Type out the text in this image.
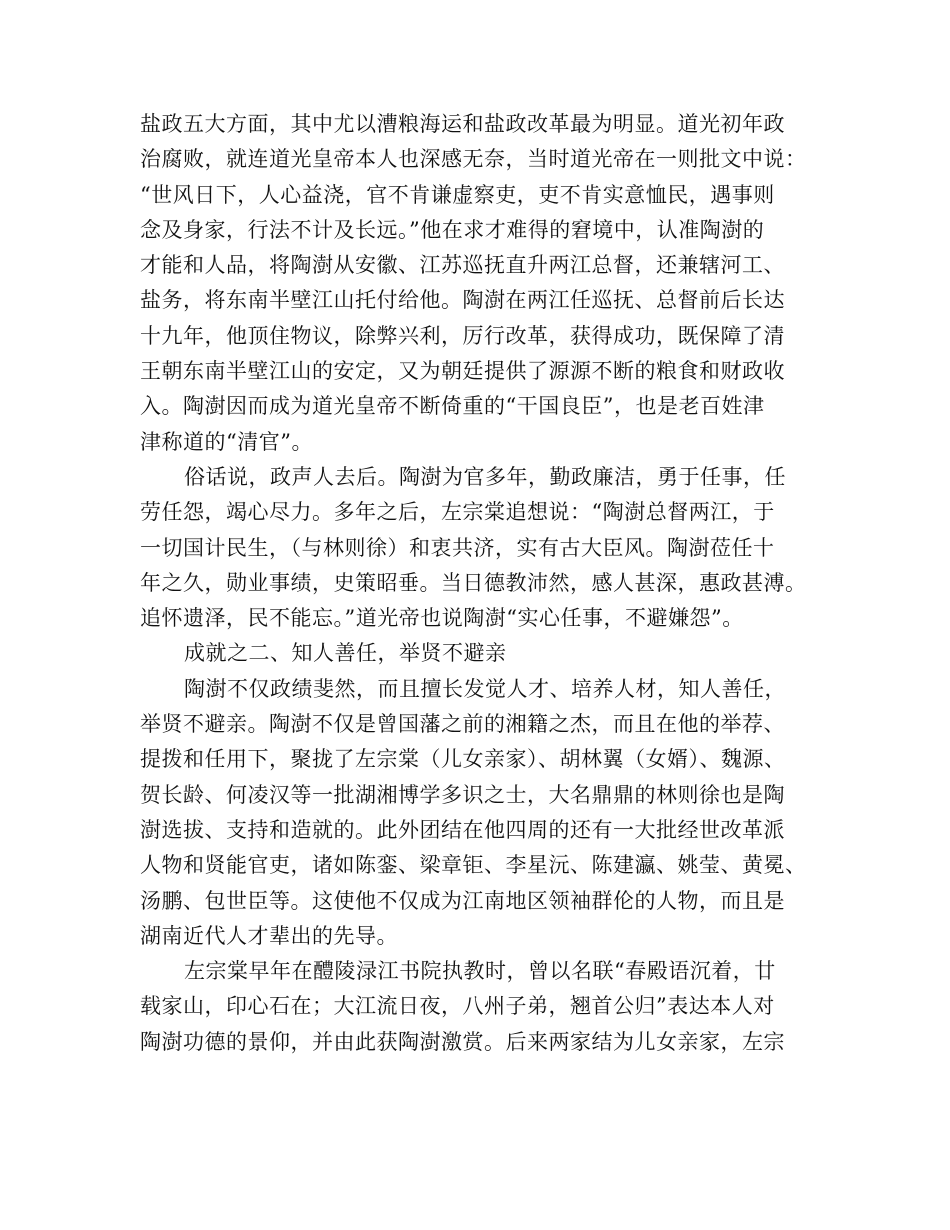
盐政五大方面，其中尤以漕粮海运和盐政改革最为明显。道光初年政
治腐败，就连道光皇帝本人也深感无奈，当时道光帝在一则批文中说：
“世风日下，人心益浇，官不肯谦虚察吏，吏不肯实意恤民，遇事则
念及身家，行法不计及长远。”他在求才难得的窘境中，认准陶澍的
才能和人品，将陶澍从安徽、江苏巡抚直升两江总督，还兼辖河工、
盐务，将东南半壁江山托付给他。陶澍在两江任巡抚、总督前后长达
十九年，他顶住物议，除弊兴利，厉行改革，获得成功，既保障了清
王朝东南半壁江山的安定，又为朝廷提供了源源不断的粮食和财政收
入。陶澍因而成为道光皇帝不断倚重的“干国良臣”，也是老百姓津
津称道的“清官”。
俗话说，政声人去后。陶澍为官多年，勤政廉洁，勇于任事，任
劳任怨，竭心尽力。多年之后，左宗棠追想说：“陶澍总督两江，于
一切国计民生，（与林则徐）和衷共济，实有古大臣风。陶澍莅任十
年之久，勋业事绩，史策昭垂。当日德教沛然，感人甚深，惠政甚溥。
追怀遗泽，民不能忘。”道光帝也说陶澍“实心任事，不避嫌怨”。
成就之二、知人善任，举贤不避亲
陶澍不仅政绩斐然，而且擅长发觉人才、培养人材，知人善任，
举贤不避亲。陶澍不仅是曾国藩之前的湘籍之杰，而且在他的举荐、
提拨和任用下，聚拢了左宗棠（儿女亲家）、胡林翼（女婿）、魏源、
贺长龄、何凌汉等一批湖湘博学多识之士，大名鼎鼎的林则徐也是陶
澍选拔、支持和造就的。此外团结在他四周的还有一大批经世改革派
人物和贤能官吏，诸如陈銮、梁章钜、李星沅、陈建瀛、姚莹、黄冕、
汤鹏、包世臣等。这使他不仅成为江南地区领袖群伦的人物，而且是
湖南近代人才辈出的先导。
左宗棠早年在醴陵渌江书院执教时，曾以名联“春殿语沉着，廿
载家山，印心石在；大江流日夜，八州子弟，翘首公归”表达本人对
陶澍功德的景仰，并由此获陶澍激赏。后来两家结为儿女亲家，左宗
